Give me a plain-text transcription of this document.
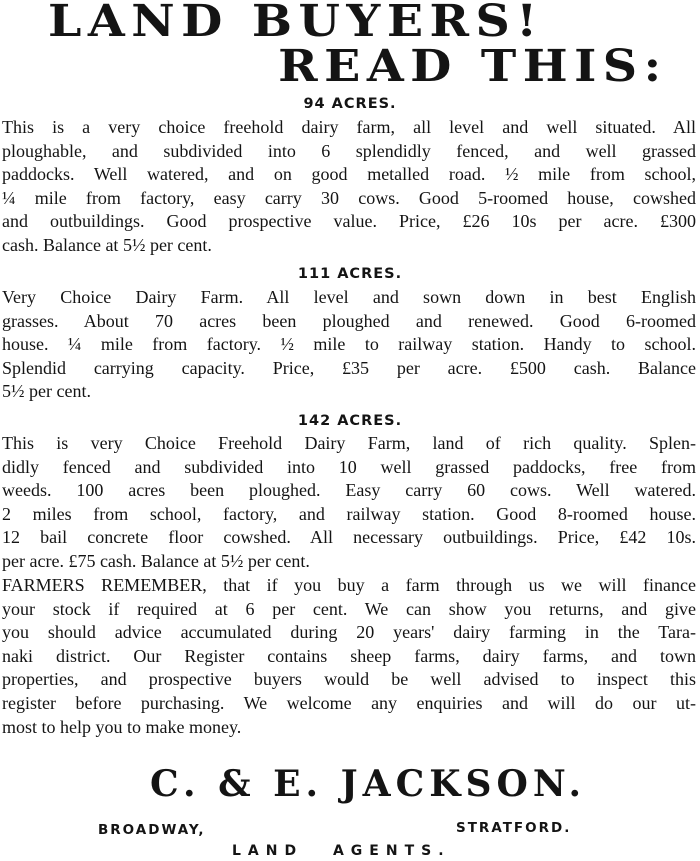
LAND BUYERS!
READ THIS:
94 ACRES.
This is a very choice freehold dairy farm, all level and well situated. All
ploughable, and subdivided into 6 splendidly fenced, and well grassed
paddocks. Well watered, and on good metalled road. ½ mile from school,
¼ mile from factory, easy carry 30 cows. Good 5-roomed house, cowshed
and outbuildings. Good prospective value. Price, £26 10s per acre. £300
cash. Balance at 5½ per cent.
111 ACRES.
Very Choice Dairy Farm. All level and sown down in best English
grasses. About 70 acres been ploughed and renewed. Good 6-roomed
house. ¼ mile from factory. ½ mile to railway station. Handy to school.
Splendid carrying capacity. Price, £35 per acre. £500 cash. Balance
5½ per cent.
142 ACRES.
This is very Choice Freehold Dairy Farm, land of rich quality. Splen-
didly fenced and subdivided into 10 well grassed paddocks, free from
weeds. 100 acres been ploughed. Easy carry 60 cows. Well watered.
2 miles from school, factory, and railway station. Good 8-roomed house.
12 bail concrete floor cowshed. All necessary outbuildings. Price, £42 10s.
per acre. £75 cash. Balance at 5½ per cent.
FARMERS REMEMBER, that if you buy a farm through us we will finance
your stock if required at 6 per cent. We can show you returns, and give
you should advice accumulated during 20 years' dairy farming in the Tara-
naki district. Our Register contains sheep farms, dairy farms, and town
properties, and prospective buyers would be well advised to inspect this
register before purchasing. We welcome any enquiries and will do our ut-
most to help you to make money.
C. & E. JACKSON.
BROADWAY,	STRATFORD.
LAND AGENTS.
